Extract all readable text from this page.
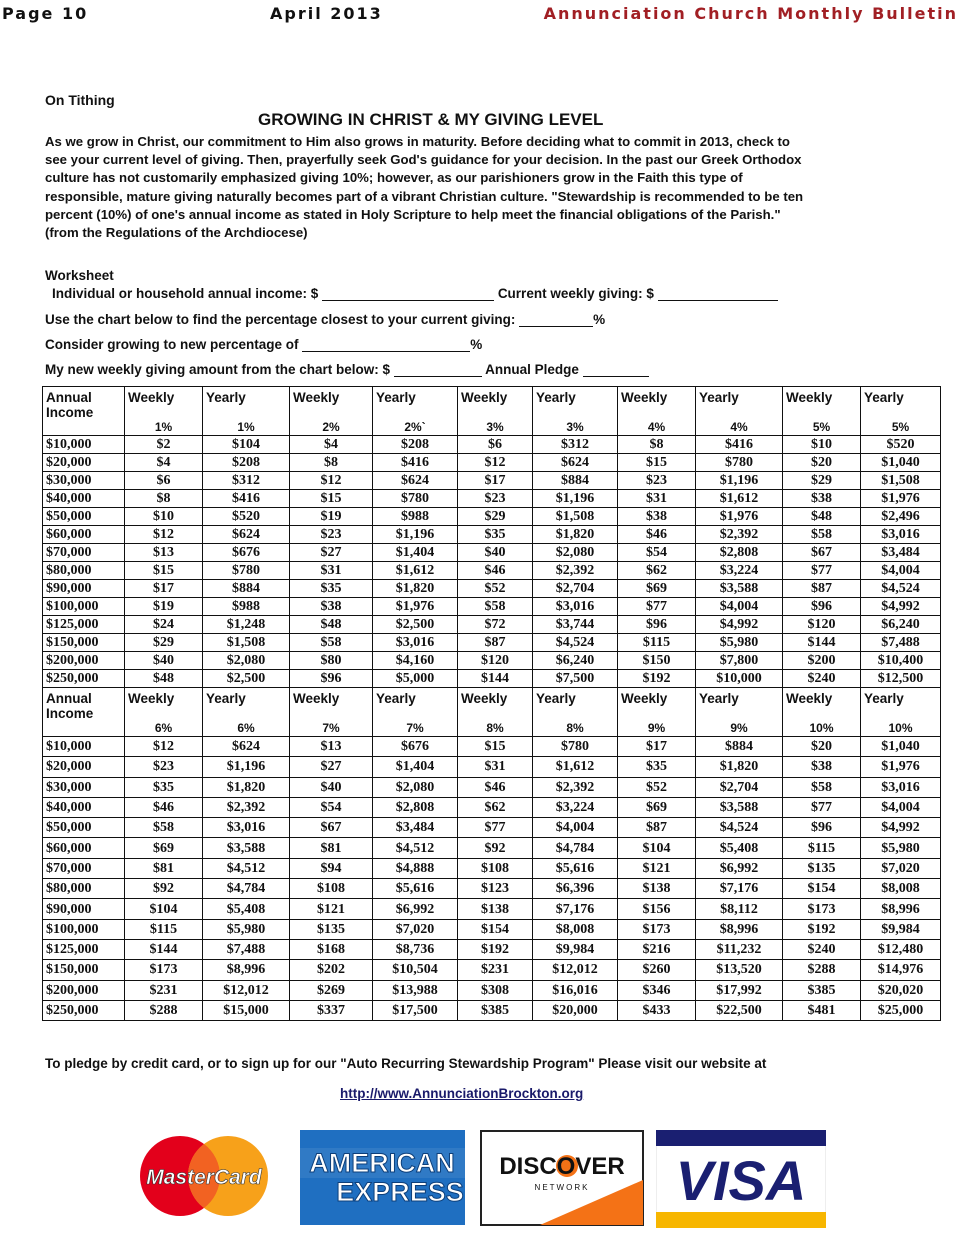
Page 10	April 2013	Annunciation Church Monthly Bulletin
On Tithing
GROWING IN CHRIST & MY GIVING LEVEL
As we grow in Christ, our commitment to Him also grows in maturity. Before deciding what to commit in 2013, check to see your current level of giving. Then, prayerfully seek God's guidance for your decision. In the past our Greek Orthodox culture has not customarily emphasized giving 10%; however, as our parishioners grow in the Faith this type of responsible, mature giving naturally becomes part of a vibrant Christian culture. "Stewardship is recommended to be ten percent (10%) of one's annual income as stated in Holy Scripture to help meet the financial obligations of the Parish." (from the Regulations of the Archdiocese)
Worksheet
Individual or household annual income: $	Current weekly giving: $
Use the chart below to find the percentage closest to your current giving:	%
Consider growing to new percentage of	%
My new weekly giving amount from the chart below: $	Annual Pledge
Annual Income	Weekly	Yearly	Weekly	Yearly	Weekly	Yearly	Weekly	Yearly	Weekly	Yearly
	1%	1%	2%	2%`	3%	3%	4%	4%	5%	5%
$10,000	$2	$104	$4	$208	$6	$312	$8	$416	$10	$520
$20,000	$4	$208	$8	$416	$12	$624	$15	$780	$20	$1,040
$30,000	$6	$312	$12	$624	$17	$884	$23	$1,196	$29	$1,508
$40,000	$8	$416	$15	$780	$23	$1,196	$31	$1,612	$38	$1,976
$50,000	$10	$520	$19	$988	$29	$1,508	$38	$1,976	$48	$2,496
$60,000	$12	$624	$23	$1,196	$35	$1,820	$46	$2,392	$58	$3,016
$70,000	$13	$676	$27	$1,404	$40	$2,080	$54	$2,808	$67	$3,484
$80,000	$15	$780	$31	$1,612	$46	$2,392	$62	$3,224	$77	$4,004
$90,000	$17	$884	$35	$1,820	$52	$2,704	$69	$3,588	$87	$4,524
$100,000	$19	$988	$38	$1,976	$58	$3,016	$77	$4,004	$96	$4,992
$125,000	$24	$1,248	$48	$2,500	$72	$3,744	$96	$4,992	$120	$6,240
$150,000	$29	$1,508	$58	$3,016	$87	$4,524	$115	$5,980	$144	$7,488
$200,000	$40	$2,080	$80	$4,160	$120	$6,240	$150	$7,800	$200	$10,400
$250,000	$48	$2,500	$96	$5,000	$144	$7,500	$192	$10,000	$240	$12,500
Annual Income	Weekly	Yearly	Weekly	Yearly	Weekly	Yearly	Weekly	Yearly	Weekly	Yearly
	6%	6%	7%	7%	8%	8%	9%	9%	10%	10%
$10,000	$12	$624	$13	$676	$15	$780	$17	$884	$20	$1,040
$20,000	$23	$1,196	$27	$1,404	$31	$1,612	$35	$1,820	$38	$1,976
$30,000	$35	$1,820	$40	$2,080	$46	$2,392	$52	$2,704	$58	$3,016
$40,000	$46	$2,392	$54	$2,808	$62	$3,224	$69	$3,588	$77	$4,004
$50,000	$58	$3,016	$67	$3,484	$77	$4,004	$87	$4,524	$96	$4,992
$60,000	$69	$3,588	$81	$4,512	$92	$4,784	$104	$5,408	$115	$5,980
$70,000	$81	$4,512	$94	$4,888	$108	$5,616	$121	$6,992	$135	$7,020
$80,000	$92	$4,784	$108	$5,616	$123	$6,396	$138	$7,176	$154	$8,008
$90,000	$104	$5,408	$121	$6,992	$138	$7,176	$156	$8,112	$173	$8,996
$100,000	$115	$5,980	$135	$7,020	$154	$8,008	$173	$8,996	$192	$9,984
$125,000	$144	$7,488	$168	$8,736	$192	$9,984	$216	$11,232	$240	$12,480
$150,000	$173	$8,996	$202	$10,504	$231	$12,012	$260	$13,520	$288	$14,976
$200,000	$231	$12,012	$269	$13,988	$308	$16,016	$346	$17,992	$385	$20,020
$250,000	$288	$15,000	$337	$17,500	$385	$20,000	$433	$22,500	$481	$25,000
To pledge by credit card, or to sign up for our "Auto Recurring Stewardship Program" Please visit our website at
http://www.AnnunciationBrockton.org
MasterCard AMERICAN
EXPRESS
DISCOVER
NETWORK VISA
